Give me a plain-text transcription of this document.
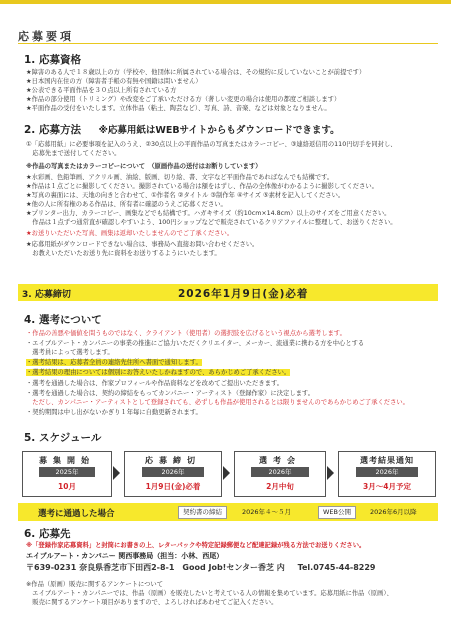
応募要項
1. 応募資格
★障害のある人で１８歳以上の方（学校や、他団体に所属されている場合は、その規約に反していないことが前提です）
★日本国内在住の方（障害者手帳の有無や国籍は問いません）
★公表できる平面作品を３０点以上所有されている方
★作品の部分使用（トリミング）や改変をご了承いただける方（著しい変更の場合は使用の都度ご相談します）
★平面作品の受付をいたします。立体作品（粘土、陶芸など）、写真、詩、音楽、などは対象となりません。
2. 応募方法 ※応募用紙はWEBサイトからもダウンロードできます。
①「応募用紙」に必要事項を記入のうえ、②30点以上の平面作品の写真またはカラーコピー、③連絡返信用の110円切手を同封し、
　応募先まで送付してください。
※作品の写真またはカラーコピーについて　（原画作品の送付はお断りしています）
★水彩画、色鉛筆画、アクリル画、油絵、版画、切り絵、書、文字など平面作品であればなんでも結構です。
★作品は１点ごとに撮影してください。撮影されている場合は額をはずし、作品の全体像がわかるように撮影してください。
★写真の裏面には、天地の向きと合わせて、①作者名 ②タイトル ③制作年 ④サイズ ⑤素材を記入してください。
★他の人に所有権のある作品は、所有者に確認のうえご応募ください。
★プリンター出力、カラーコピー、画集などでも結構です。ハガキサイズ（約10cm×14.8cm）以上のサイズをご用意ください。
　作品は１点ずつ通常直が確認しやすいよう、100円ショップなどで販売されているクリアファイルに整理して、お送りください。
★お送りいただいた写真、画集は返却いたしませんのでご了承ください。
★応募用紙がダウンロードできない場合は、事務局へ直接お問い合わせください。
　お教えいただいたお送り先に資料をお送りするようにいたします。
3. 応募締切	2026年1月9日(金)必着
4. 選考について
・作品の善悪や価値を問うものではなく、クライアント（使用者）の選択肢を広げるという視点から選考します。
・エイブルアート・カンパニーの事業の推進にご協力いただくクリエイター、メーカー、流通業に携わる方を中心とする
　選考員によって選考します。
・選考結果は、応募者全員の連絡先住所へ書面で通知します。
・選考結果の理由については個別にお答えいたしかねますので、あらかじめご了承ください。
・選考を通過した場合は、作家プロフィールや作品資料などを改めてご提出いただきます。
・選考を通過した場合は、契約の締結をもってカンパニー・アーティスト（登録作家）に決定します。
　ただし、カンパニー・アーティストとして登録されても、必ずしも作品が使用されるとは限りませんのであらかじめご了承ください。
・契約期間は中し出がないかぎり１年毎に自動更新されます。
5. スケジュール
募集開始
2025年
10月
応募締切
2026年
1月9日(金)必着
選考会
2026年
2月中旬
選考結果通知
2026年
3月〜4月予定
選考に通過した場合	契約書の締結	2026年４〜５月	WEB公開	2026年6月以降
6. 応募先
※「登録作家応募資料」と封筒にお書きの上、レターパックや特定記録郵便など配達記録が残る方法でお送りください。
エイブルアート・カンパニー 関西事務局（担当：小林、西尾）
〒639-0231 奈良県香芝市下田西2-8-1　Good Job!センター香芝 内 Tel.0745-44-8229
※作品（原画）販売に関するアンケートについて
　エイブルアート・カンパニーでは、作品（原画）を販売したいと考えている人の情報を集めています。応募用紙に作品（原画）、
　販売に関するアンケート項目がありますので、よろしければあわせてご記入ください。
